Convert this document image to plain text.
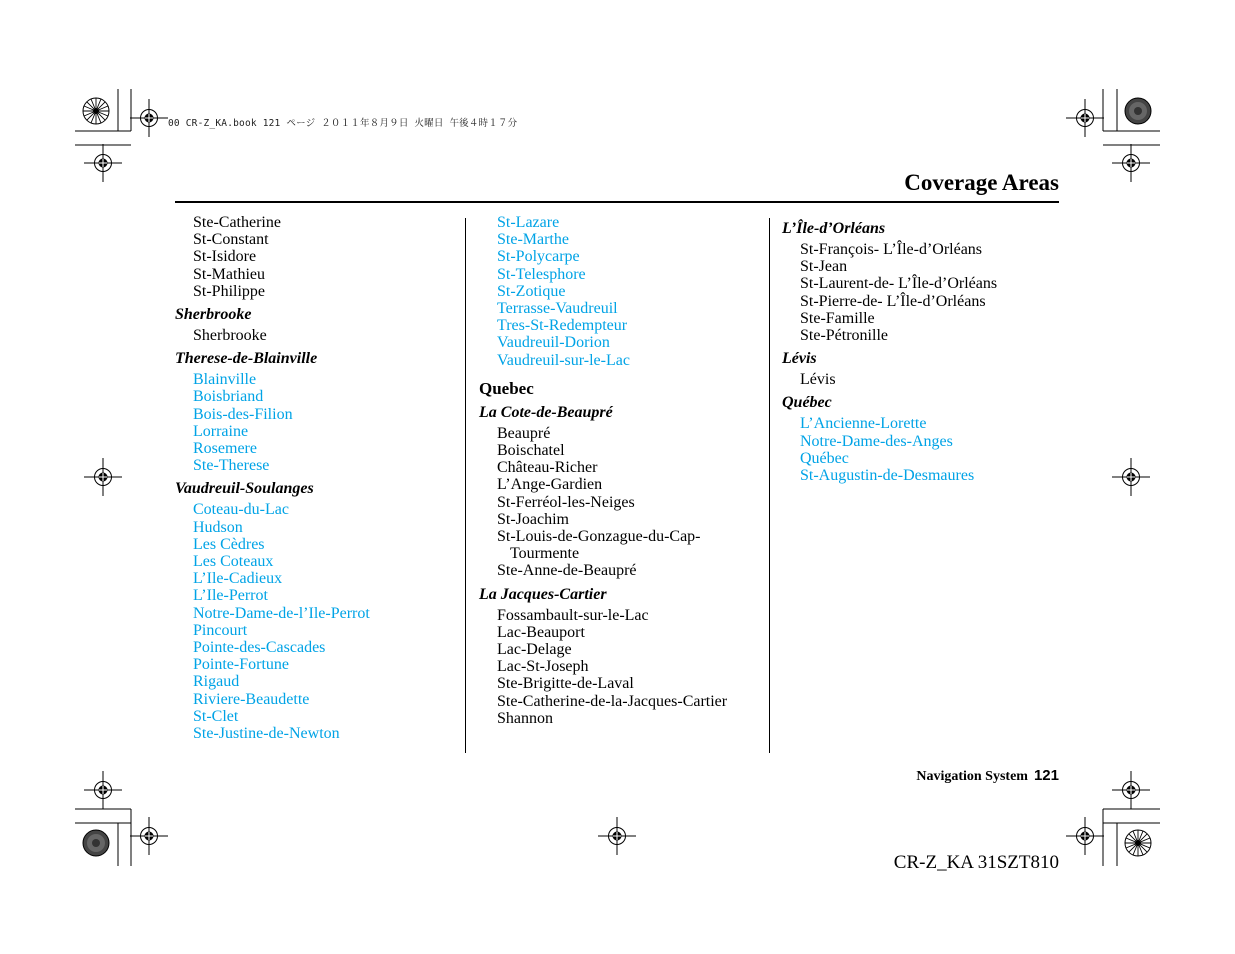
00 CR-Z_KA.book 121 ページ ２０１１年８月９日 火曜日 午後４時１７分
Coverage Areas
Ste-Catherine
St-Constant
St-Isidore
St-Mathieu
St-Philippe
Sherbrooke
Sherbrooke
Therese-de-Blainville
Blainville
Boisbriand
Bois-des-Filion
Lorraine
Rosemere
Ste-Therese
Vaudreuil-Soulanges
Coteau-du-Lac
Hudson
Les Cèdres
Les Coteaux
L’Ile-Cadieux
L’Ile-Perrot
Notre-Dame-de-l’Ile-Perrot
Pincourt
Pointe-des-Cascades
Pointe-Fortune
Rigaud
Riviere-Beaudette
St-Clet
Ste-Justine-de-Newton
St-Lazare
Ste-Marthe
St-Polycarpe
St-Telesphore
St-Zotique
Terrasse-Vaudreuil
Tres-St-Redempteur
Vaudreuil-Dorion
Vaudreuil-sur-le-Lac
Quebec
La Cote-de-Beaupré
Beaupré
Boischatel
Château-Richer
L’Ange-Gardien
St-Ferréol-les-Neiges
St-Joachim
St-Louis-de-Gonzague-du-Cap-Tourmente
Ste-Anne-de-Beaupré
La Jacques-Cartier
Fossambault-sur-le-Lac
Lac-Beauport
Lac-Delage
Lac-St-Joseph
Ste-Brigitte-de-Laval
Ste-Catherine-de-la-Jacques-Cartier
Shannon
L’Île-d’Orléans
St-François- L’Île-d’Orléans
St-Jean
St-Laurent-de- L’Île-d’Orléans
St-Pierre-de- L’Île-d’Orléans
Ste-Famille
Ste-Pétronille
Lévis
Lévis
Québec
L’Ancienne-Lorette
Notre-Dame-des-Anges
Québec
St-Augustin-de-Desmaures
Navigation System 121
CR-Z_KA 31SZT810
